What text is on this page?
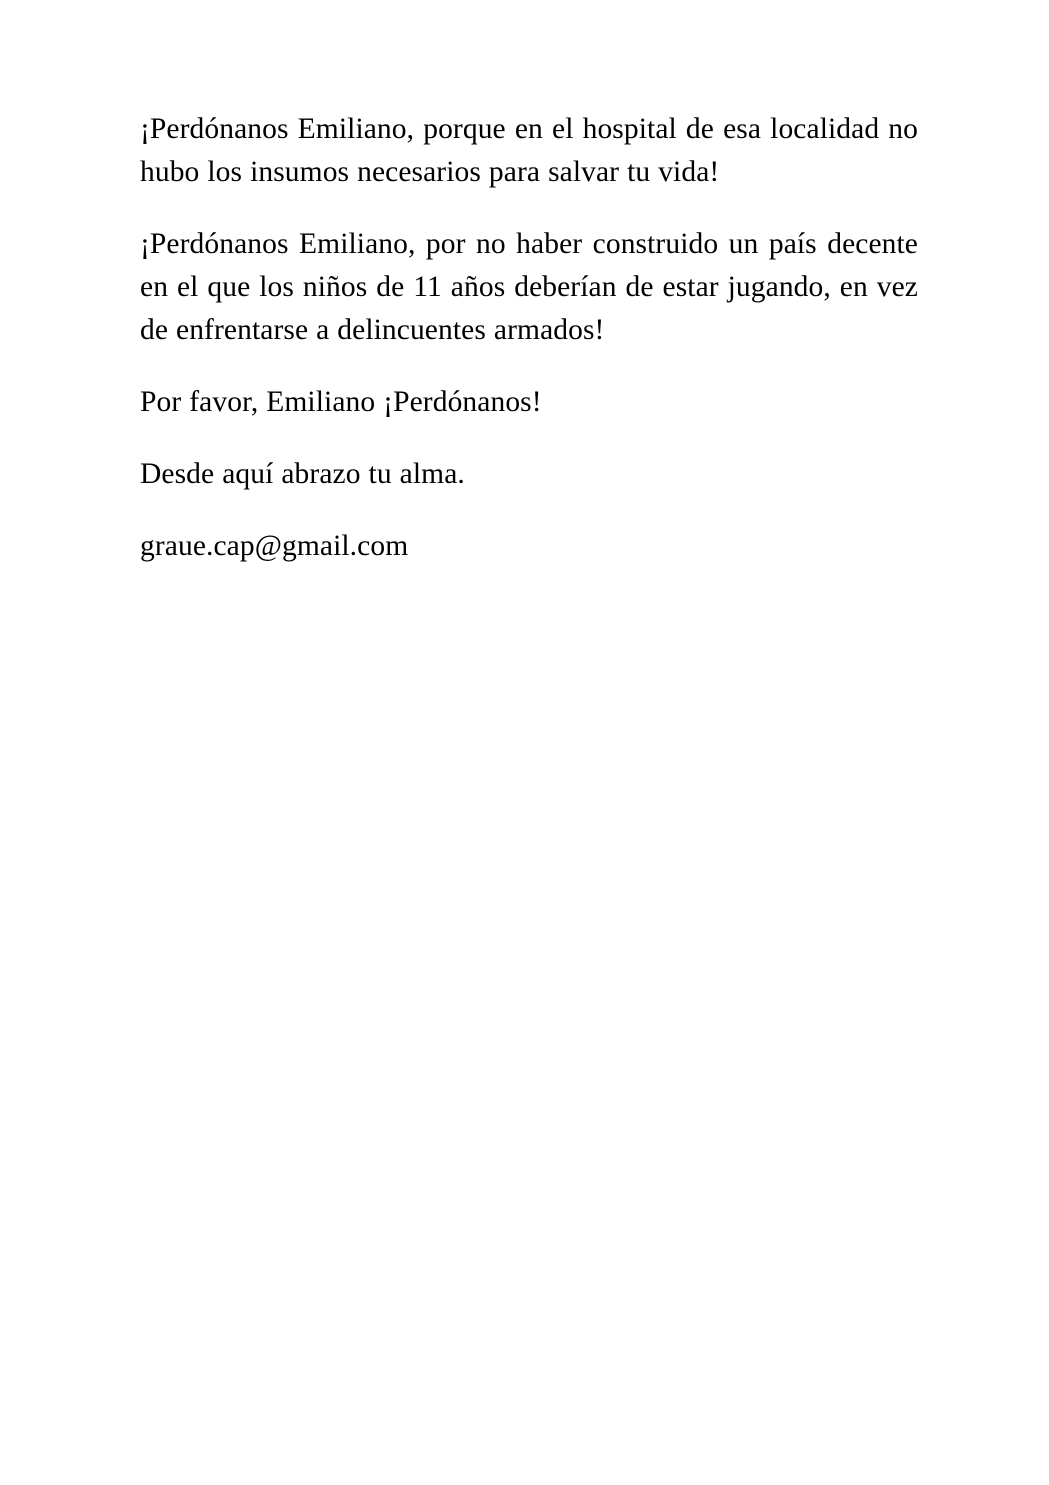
¡Perdónanos Emiliano, porque en el hospital de esa localidad no hubo los insumos necesarios para salvar tu vida!

¡Perdónanos Emiliano, por no haber construido un país decente en el que los niños de 11 años deberían de estar jugando, en vez de enfrentarse a delincuentes armados!

Por favor, Emiliano ¡Perdónanos!

Desde aquí abrazo tu alma.

graue.cap@gmail.com
